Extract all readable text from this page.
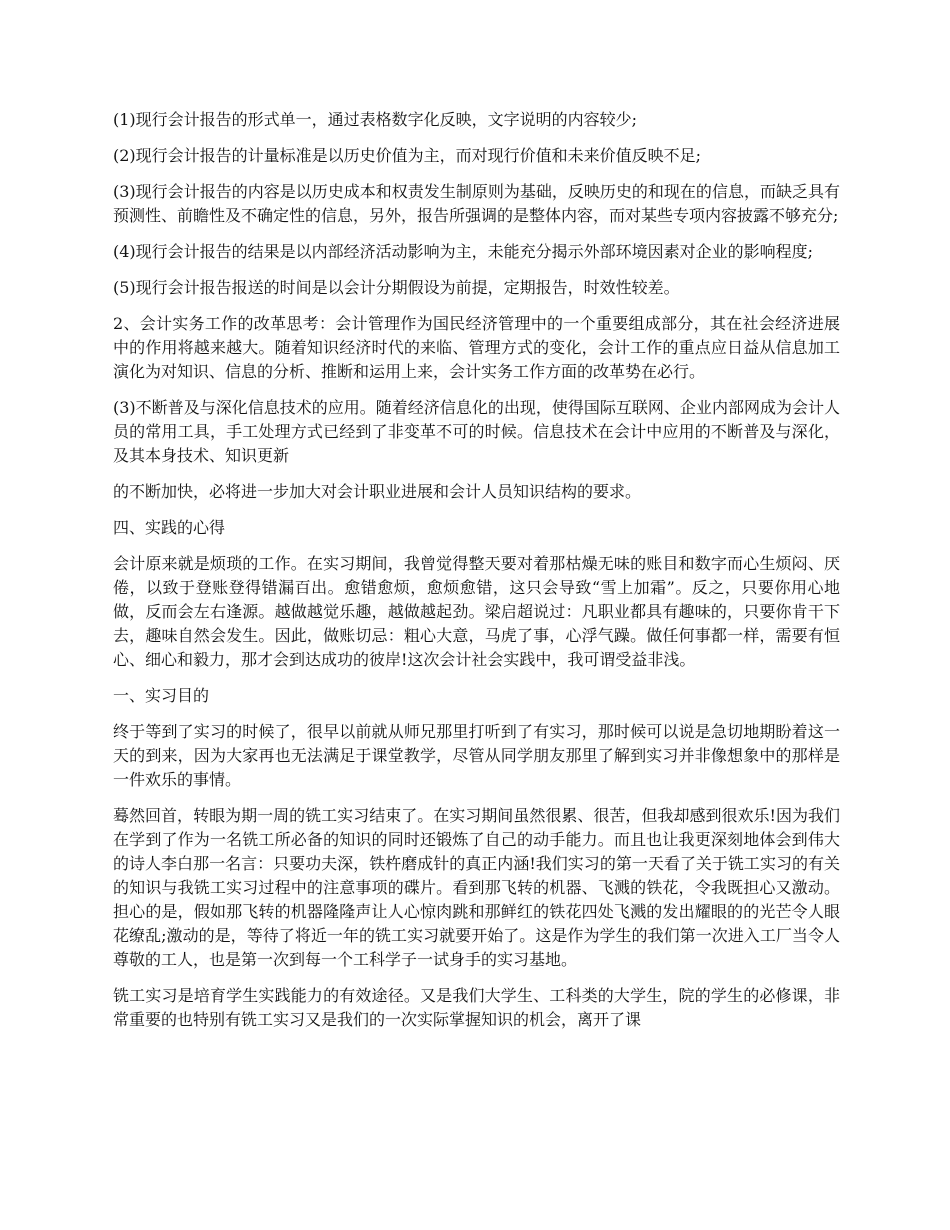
(1)现行会计报告的形式单一，通过表格数字化反映，文字说明的内容较少;

(2)现行会计报告的计量标准是以历史价值为主，而对现行价值和未来价值反映不足;

(3)现行会计报告的内容是以历史成本和权责发生制原则为基础，反映历史的和现在的信息，而缺乏具有预测性、前瞻性及不确定性的信息，另外，报告所强调的是整体内容，而对某些专项内容披露不够充分;

(4)现行会计报告的结果是以内部经济活动影响为主，未能充分揭示外部环境因素对企业的影响程度;

(5)现行会计报告报送的时间是以会计分期假设为前提，定期报告，时效性较差。

2、会计实务工作的改革思考：会计管理作为国民经济管理中的一个重要组成部分，其在社会经济进展中的作用将越来越大。随着知识经济时代的来临、管理方式的变化，会计工作的重点应日益从信息加工演化为对知识、信息的分析、推断和运用上来，会计实务工作方面的改革势在必行。

(3)不断普及与深化信息技术的应用。随着经济信息化的出现，使得国际互联网、企业内部网成为会计人员的常用工具，手工处理方式已经到了非变革不可的时候。信息技术在会计中应用的不断普及与深化，及其本身技术、知识更新

的不断加快，必将进一步加大对会计职业进展和会计人员知识结构的要求。

四、实践的心得

会计原来就是烦琐的工作。在实习期间，我曾觉得整天要对着那枯燥无味的账目和数字而心生烦闷、厌倦，以致于登账登得错漏百出。愈错愈烦，愈烦愈错，这只会导致“雪上加霜”。反之，只要你用心地做，反而会左右逢源。越做越觉乐趣，越做越起劲。梁启超说过：凡职业都具有趣味的，只要你肯干下去，趣味自然会发生。因此，做账切忌：粗心大意，马虎了事，心浮气躁。做任何事都一样，需要有恒心、细心和毅力，那才会到达成功的彼岸!这次会计社会实践中，我可谓受益非浅。

一、实习目的

终于等到了实习的时候了，很早以前就从师兄那里打听到了有实习，那时候可以说是急切地期盼着这一天的到来，因为大家再也无法满足于课堂教学，尽管从同学朋友那里了解到实习并非像想象中的那样是一件欢乐的事情。

蓦然回首，转眼为期一周的铣工实习结束了。在实习期间虽然很累、很苦，但我却感到很欢乐!因为我们在学到了作为一名铣工所必备的知识的同时还锻炼了自己的动手能力。而且也让我更深刻地体会到伟大的诗人李白那一名言：只要功夫深，铁杵磨成针的真正内涵!我们实习的第一天看了关于铣工实习的有关的知识与我铣工实习过程中的注意事项的碟片。看到那飞转的机器、飞溅的铁花，令我既担心又激动。担心的是，假如那飞转的机器隆隆声让人心惊肉跳和那鲜红的铁花四处飞溅的发出耀眼的的光芒令人眼花缭乱;激动的是，等待了将近一年的铣工实习就要开始了。这是作为学生的我们第一次进入工厂当令人尊敬的工人，也是第一次到每一个工科学子一试身手的实习基地。

铣工实习是培育学生实践能力的有效途径。又是我们大学生、工科类的大学生，院的学生的必修课，非常重要的也特别有铣工实习又是我们的一次实际掌握知识的机会，离开了课
